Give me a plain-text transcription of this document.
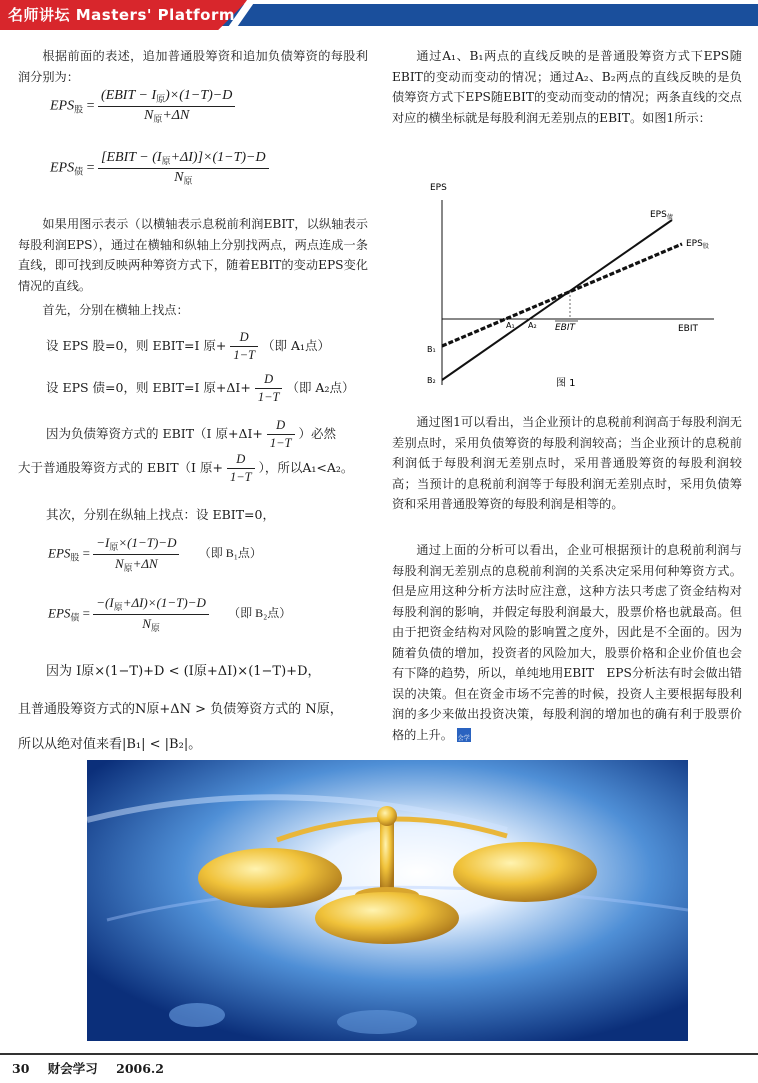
名师讲坛 Masters' Platform
根据前面的表述，追加普通股筹资和追加负债筹资的每股利润分别为：
$EPS_股 = \frac{(EBIT - I_原)\times(1-T)-D}{N_原+\Delta N}$
$EPS_债 = \frac{[EBIT - (I_原+\Delta I)]\times(1-T)-D}{N_原}$
如果用图示表示（以横轴表示息税前利润EBIT，以纵轴表示每股利润EPS），通过在横轴和纵轴上分别找两点，两点连成一条直线，即可找到反映两种筹资方式下，随着EBIT的变动EPS变化情况的直线。
首先，分别在横轴上找点：
设 EPS 股=0，则 EBIT=I 原+ $\frac{D}{1-T}$ （即 A₁点）
设 EPS 债=0，则 EBIT=I 原$+\Delta I+ \frac{D}{1-T}$ （即 A₂点）
因为负债筹资方式的 EBIT（I 原$+\Delta I+ \frac{D}{1-T}$ ）必然
大于普通股筹资方式的 EBIT（I 原+ $\frac{D}{1-T}$ ），所以A₁<A₂。
其次，分别在纵轴上找点：设 EBIT=0，
$EPS_股 = \frac{-I_原\times(1-T)-D}{N_原+\Delta N}$ （即 B₁点）
$EPS_债 = \frac{-(I_原+\Delta I)\times(1-T)-D}{N_原}$ （即 B₂点）
因为 I原×(1−T)+D < (I原+ΔI)×(1−T)+D，
且普通股筹资方式的N原+ΔN > 负债筹资方式的 N原，
所以从绝对值来看|B₁| < |B₂|。
通过A₁、B₁两点的直线反映的是普通股筹资方式下EPS随EBIT的变动而变动的情况；通过A₂、B₂两点的直线反映的是负债筹资方式下EPS随EBIT的变动而变动的情况；两条直线的交点对应的横坐标就是每股利润无差别点的EBIT。如图1所示：
EPS
EBIT
$EPS_债$
$EPS_股$
A₁ A₂ EBIT
B₁
B₂	图 1
通过图1可以看出，当企业预计的息税前利润高于每股利润无差别点时，采用负债筹资的每股利润较高；当企业预计的息税前利润低于每股利润无差别点时，采用普通股筹资的每股利润较高；当预计的息税前利润等于每股利润无差别点时，采用负债筹资和采用普通股筹资的每股利润是相等的。
通过上面的分析可以看出，企业可根据预计的息税前利润与每股利润无差别点的息税前利润的关系决定采用何种筹资方式。但是应用这种分析方法时应注意，这种方法只考虑了资金结构对每股利润的影响，并假定每股利润最大，股票价格也就最高。但由于把资金结构对风险的影响置之度外，因此是不全面的。因为随着负债的增加，投资者的风险加大，股票价格和企业价值也会有下降的趋势，所以，单纯地用EBIT　EPS分析法有时会做出错误的决策。但在资金市场不完善的时候，投资人主要根据每股利润的多少来做出投资决策，每股利润的增加也的确有利于股票价格的上升。	财会学习
30 财会学习 2006.2
